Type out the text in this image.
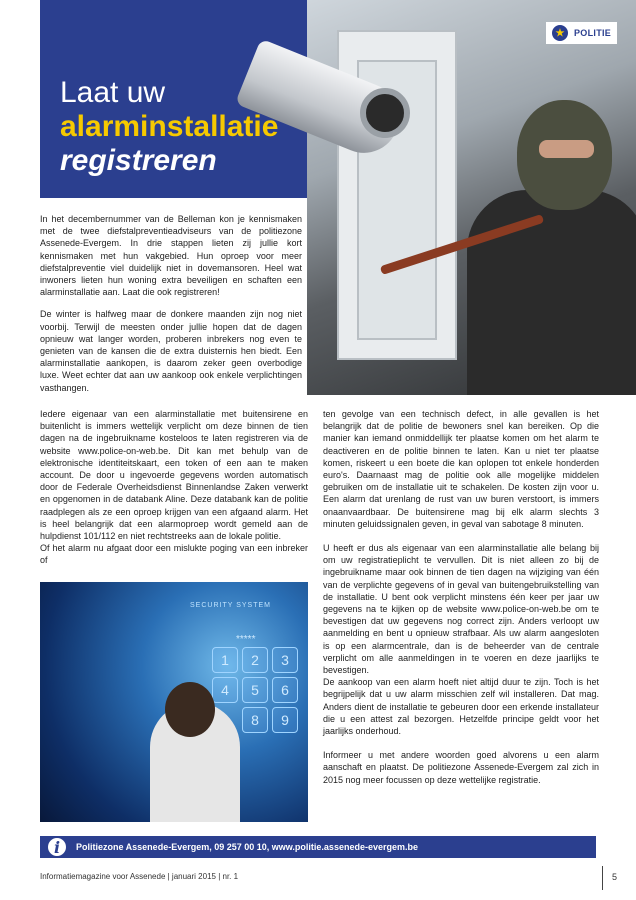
Laat uw
alarminstallatie
registreren
★	POLITIE

In het decembernummer van de Belleman kon je kennismaken met de twee diefstalpreventieadviseurs van de politiezone Assenede-Evergem. In drie stappen lieten zij jullie kort kennismaken met hun vakgebied. Hun oproep voor meer diefstalpreventie viel duidelijk niet in dovemansoren. Heel wat inwoners lieten hun woning extra beveiligen en schaften een alarminstallatie aan. Laat die ook registreren!

De winter is halfweg maar de donkere maanden zijn nog niet voorbij. Terwijl de meesten onder jullie hopen dat de dagen opnieuw wat langer worden, proberen inbrekers nog even te genieten van de kansen die de extra duisternis hen biedt. Een alarminstallatie aankopen, is daarom zeker geen overbodige luxe. Weet echter dat aan uw aankoop ook enkele verplichtingen vasthangen.

Iedere eigenaar van een alarminstallatie met buitensirene en buitenlicht is immers wettelijk verplicht om deze binnen de tien dagen na de ingebruikname kosteloos te laten registreren via de website www.police-on-web.be. Dit kan met behulp van de elektronische identiteitskaart, een token of een aan te maken account. De door u ingevoerde gegevens worden automatisch door de Federale Overheidsdienst Binnenlandse Zaken verwerkt en opgenomen in de databank Aline. Deze databank kan de politie raadplegen als ze een oproep krijgen van een afgaand alarm. Het is heel belangrijk dat een alarmoproep wordt gemeld aan de hulpdienst 101/112 en niet rechtstreeks aan de lokale politie.

Of het alarm nu afgaat door een mislukte poging van een inbreker of

ten gevolge van een technisch defect, in alle gevallen is het belangrijk dat de politie de bewoners snel kan bereiken. Op die manier kan iemand onmiddellijk ter plaatse komen om het alarm te deactiveren en de politie binnen te laten. Kan u niet ter plaatse komen, riskeert u een boete die kan oplopen tot enkele honderden euro's. Daarnaast mag de politie ook alle mogelijke middelen gebruiken om de installatie uit te schakelen. De kosten zijn voor u. Een alarm dat urenlang de rust van uw buren verstoort, is immers onaanvaardbaar. De buitensirene mag bij elk alarm slechts 3 minuten geluidssignalen geven, in geval van sabotage 8 minuten.

U heeft er dus als eigenaar van een alarminstallatie alle belang bij om uw registratieplicht te vervullen. Dit is niet alleen zo bij de ingebruikname maar ook binnen de tien dagen na wijziging van één van de verplichte gegevens of in geval van buitengebruikstelling van de installatie. U bent ook verplicht minstens één keer per jaar uw gegevens na te kijken op de website www.police-on-web.be om te bevestigen dat uw gegevens nog correct zijn. Anders verloopt uw aanmelding en bent u opnieuw strafbaar. Als uw alarm aangesloten is op een alarmcentrale, dan is de beheerder van de centrale verplicht om alle aanmeldingen in te voeren en deze jaarlijks te bevestigen.

De aankoop van een alarm hoeft niet altijd duur te zijn. Toch is het begrijpelijk dat u uw alarm misschien zelf wil installeren. Dat mag. Anders dient de installatie te gebeuren door een erkende installateur die u een attest zal bezorgen. Hetzelfde principe geldt voor het jaarlijks onderhoud.

Informeer u met andere woorden goed alvorens u een alarm aanschaft en plaatst. De politiezone Assenede-Evergem zal zich in 2015 nog meer focussen op deze wettelijke registratie.

SECURITY SYSTEM
*****
1	2	3
4	5	6
8	9
i	Politiezone Assenede-Evergem, 09 257 00 10, www.politie.assenede-evergem.be
Informatiemagazine voor Assenede | januari 2015 | nr. 1	5
